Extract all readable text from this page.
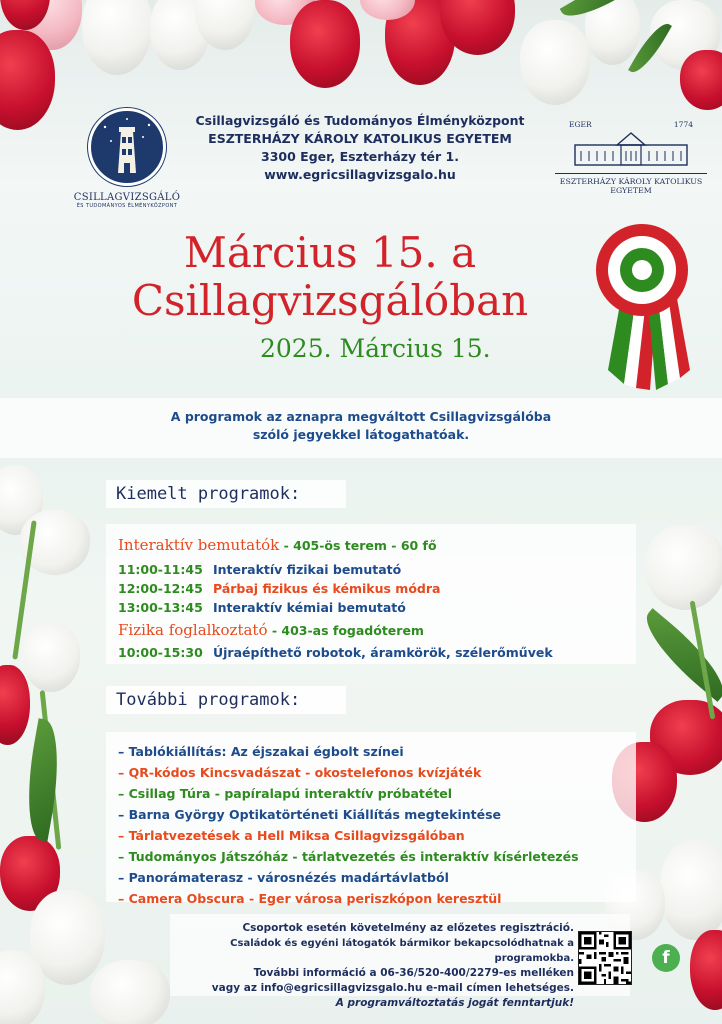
CSILLAGVIZSGÁLÓ
ÉS TUDOMÁNYOS ÉLMÉNYKÖZPONT
Csillagvizsgáló és Tudományos Élményközpont
ESZTERHÁZY KÁROLY KATOLIKUS EGYETEM
3300 Eger, Eszterházy tér 1.
www.egricsillagvizsgalo.hu
EGER	1774
ESZTERHÁZY KÁROLY KATOLIKUS EGYETEM
Március 15. a
Csillagvizsgálóban
2025. Március 15.
A programok az aznapra megváltott Csillagvizsgálóba
szóló jegyekkel látogathatóak.
Kiemelt programok:
Interaktív bemutatók - 405-ös terem - 60 fő
11:00-11:45 Interaktív fizikai bemutató
12:00-12:45 Párbaj fizikus és kémikus módra
13:00-13:45 Interaktív kémiai bemutató
Fizika foglalkoztató - 403-as fogadóterem
10:00-15:30 Újraépíthető robotok, áramkörök, szélerőművek
További programok:
– Tablókiállítás: Az éjszakai égbolt színei
– QR-kódos Kincsvadászat - okostelefonos kvízjáték
– Csillag Túra - papíralapú interaktív próbatétel
– Barna György Optikatörténeti Kiállítás megtekintése
– Tárlatvezetések a Hell Miksa Csillagvizsgálóban
– Tudományos Játszóház - tárlatvezetés és interaktív kísérletezés
– Panorámaterasz - városnézés madártávlatból
– Camera Obscura - Eger városa periszkópon keresztül
Csoportok esetén követelmény az előzetes regisztráció.
Családok és egyéni látogatók bármikor bekapcsolódhatnak a programokba.
További információ a 06-36/520-400/2279-es melléken
vagy az info@egricsillagvizsgalo.hu e-mail címen lehetséges.
A programváltoztatás jogát fenntartjuk!
f
